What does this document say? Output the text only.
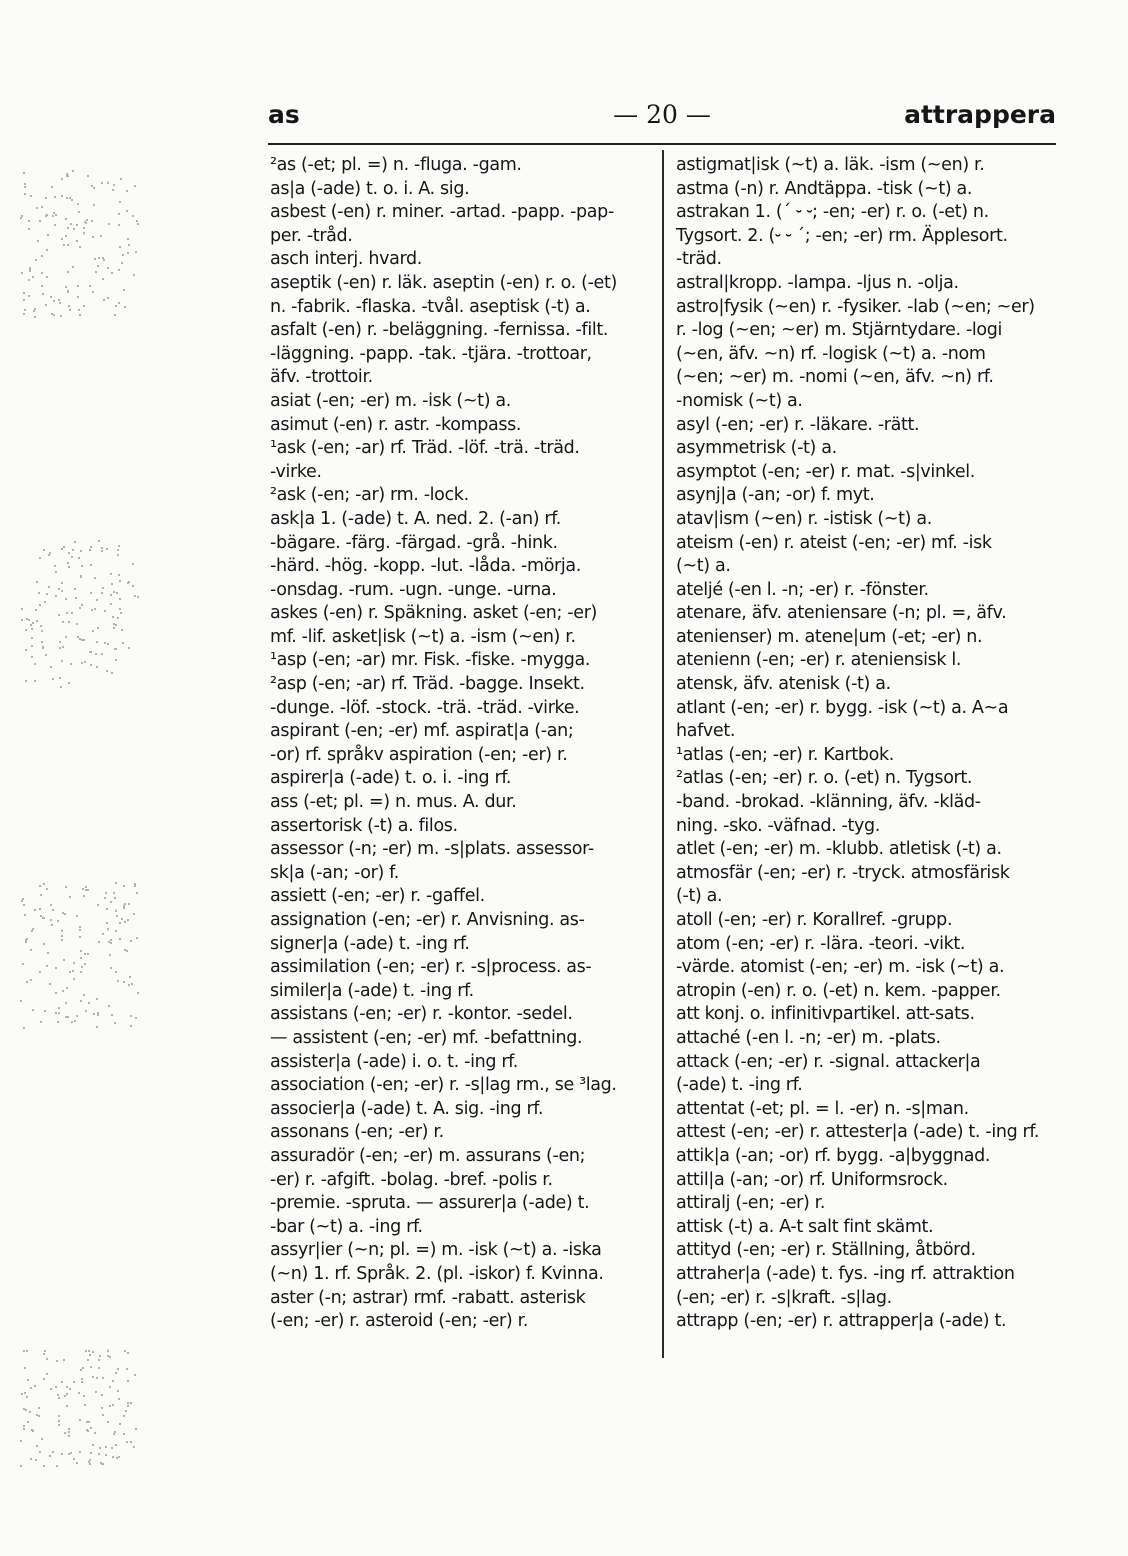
as	— 20 —	attrappera
²as (-et; pl. =) n. -fluga. -gam.
as|a (-ade) t. o. i. A. sig.
asbest (-en) r. miner. -artad. -papp. -pap-
per. -tråd.
asch interj. hvard.
aseptik (-en) r. läk. aseptin (-en) r. o. (-et)
n. -fabrik. -flaska. -tvål. aseptisk (-t) a.
asfalt (-en) r. -beläggning. -fernissa. -filt.
-läggning. -papp. -tak. -tjära. -trottoar,
äfv. -trottoir.
asiat (-en; -er) m. -isk (~t) a.
asimut (-en) r. astr. -kompass.
¹ask (-en; -ar) rf. Träd. -löf. -trä. -träd.
-virke.
²ask (-en; -ar) rm. -lock.
ask|a 1. (-ade) t. A. ned. 2. (-an) rf.
-bägare. -färg. -färgad. -grå. -hink.
-härd. -hög. -kopp. -lut. -låda. -mörja.
-onsdag. -rum. -ugn. -unge. -urna.
askes (-en) r. Späkning. asket (-en; -er)
mf. -lif. asket|isk (~t) a. -ism (~en) r.
¹asp (-en; -ar) mr. Fisk. -fiske. -mygga.
²asp (-en; -ar) rf. Träd. -bagge. Insekt.
-dunge. -löf. -stock. -trä. -träd. -virke.
aspirant (-en; -er) mf. aspirat|a (-an;
-or) rf. språkv aspiration (-en; -er) r.
aspirer|a (-ade) t. o. i. -ing rf.
ass (-et; pl. =) n. mus. A. dur.
assertorisk (-t) a. filos.
assessor (-n; -er) m. -s|plats. assessor-
sk|a (-an; -or) f.
assiett (-en; -er) r. -gaffel.
assignation (-en; -er) r. Anvisning. as-
signer|a (-ade) t. -ing rf.
assimilation (-en; -er) r. -s|process. as-
similer|a (-ade) t. -ing rf.
assistans (-en; -er) r. -kontor. -sedel.
— assistent (-en; -er) mf. -befattning.
assister|a (-ade) i. o. t. -ing rf.
association (-en; -er) r. -s|lag rm., se ³lag.
associer|a (-ade) t. A. sig. -ing rf.
assonans (-en; -er) r.
assuradör (-en; -er) m. assurans (-en;
-er) r. -afgift. -bolag. -bref. -polis r.
-premie. -spruta. — assurer|a (-ade) t.
-bar (~t) a. -ing rf.
assyr|ier (~n; pl. =) m. -isk (~t) a. -iska
(~n) 1. rf. Språk. 2. (pl. -iskor) f. Kvinna.
aster (-n; astrar) rmf. -rabatt. asterisk
(-en; -er) r. asteroid (-en; -er) r.
astigmat|isk (~t) a. läk. -ism (~en) r.
astma (-n) r. Andtäppa. -tisk (~t) a.
astrakan 1. (´ ⏑ ⏑; -en; -er) r. o. (-et) n.
Tygsort. 2. (⏑ ⏑ ´; -en; -er) rm. Äpplesort.
-träd.
astral|kropp. -lampa. -ljus n. -olja.
astro|fysik (~en) r. -fysiker. -lab (~en; ~er)
r. -log (~en; ~er) m. Stjärntydare. -logi
(~en, äfv. ~n) rf. -logisk (~t) a. -nom
(~en; ~er) m. -nomi (~en, äfv. ~n) rf.
-nomisk (~t) a.
asyl (-en; -er) r. -läkare. -rätt.
asymmetrisk (-t) a.
asymptot (-en; -er) r. mat. -s|vinkel.
asynj|a (-an; -or) f. myt.
atav|ism (~en) r. -istisk (~t) a.
ateism (-en) r. ateist (-en; -er) mf. -isk
(~t) a.
ateljé (-en l. -n; -er) r. -fönster.
atenare, äfv. ateniensare (-n; pl. =, äfv.
atenienser) m. atene|um (-et; -er) n.
atenienn (-en; -er) r. ateniensisk l.
atensk, äfv. atenisk (-t) a.
atlant (-en; -er) r. bygg. -isk (~t) a. A~a
hafvet.
¹atlas (-en; -er) r. Kartbok.
²atlas (-en; -er) r. o. (-et) n. Tygsort.
-band. -brokad. -klänning, äfv. -kläd-
ning. -sko. -väfnad. -tyg.
atlet (-en; -er) m. -klubb. atletisk (-t) a.
atmosfär (-en; -er) r. -tryck. atmosfärisk
(-t) a.
atoll (-en; -er) r. Korallref. -grupp.
atom (-en; -er) r. -lära. -teori. -vikt.
-värde. atomist (-en; -er) m. -isk (~t) a.
atropin (-en) r. o. (-et) n. kem. -papper.
att konj. o. infinitivpartikel. att-sats.
attaché (-en l. -n; -er) m. -plats.
attack (-en; -er) r. -signal. attacker|a
(-ade) t. -ing rf.
attentat (-et; pl. = l. -er) n. -s|man.
attest (-en; -er) r. attester|a (-ade) t. -ing rf.
attik|a (-an; -or) rf. bygg. -a|byggnad.
attil|a (-an; -or) rf. Uniformsrock.
attiralj (-en; -er) r.
attisk (-t) a. A-t salt fint skämt.
attityd (-en; -er) r. Ställning, åtbörd.
attraher|a (-ade) t. fys. -ing rf. attraktion
(-en; -er) r. -s|kraft. -s|lag.
attrapp (-en; -er) r. attrapper|a (-ade) t.
